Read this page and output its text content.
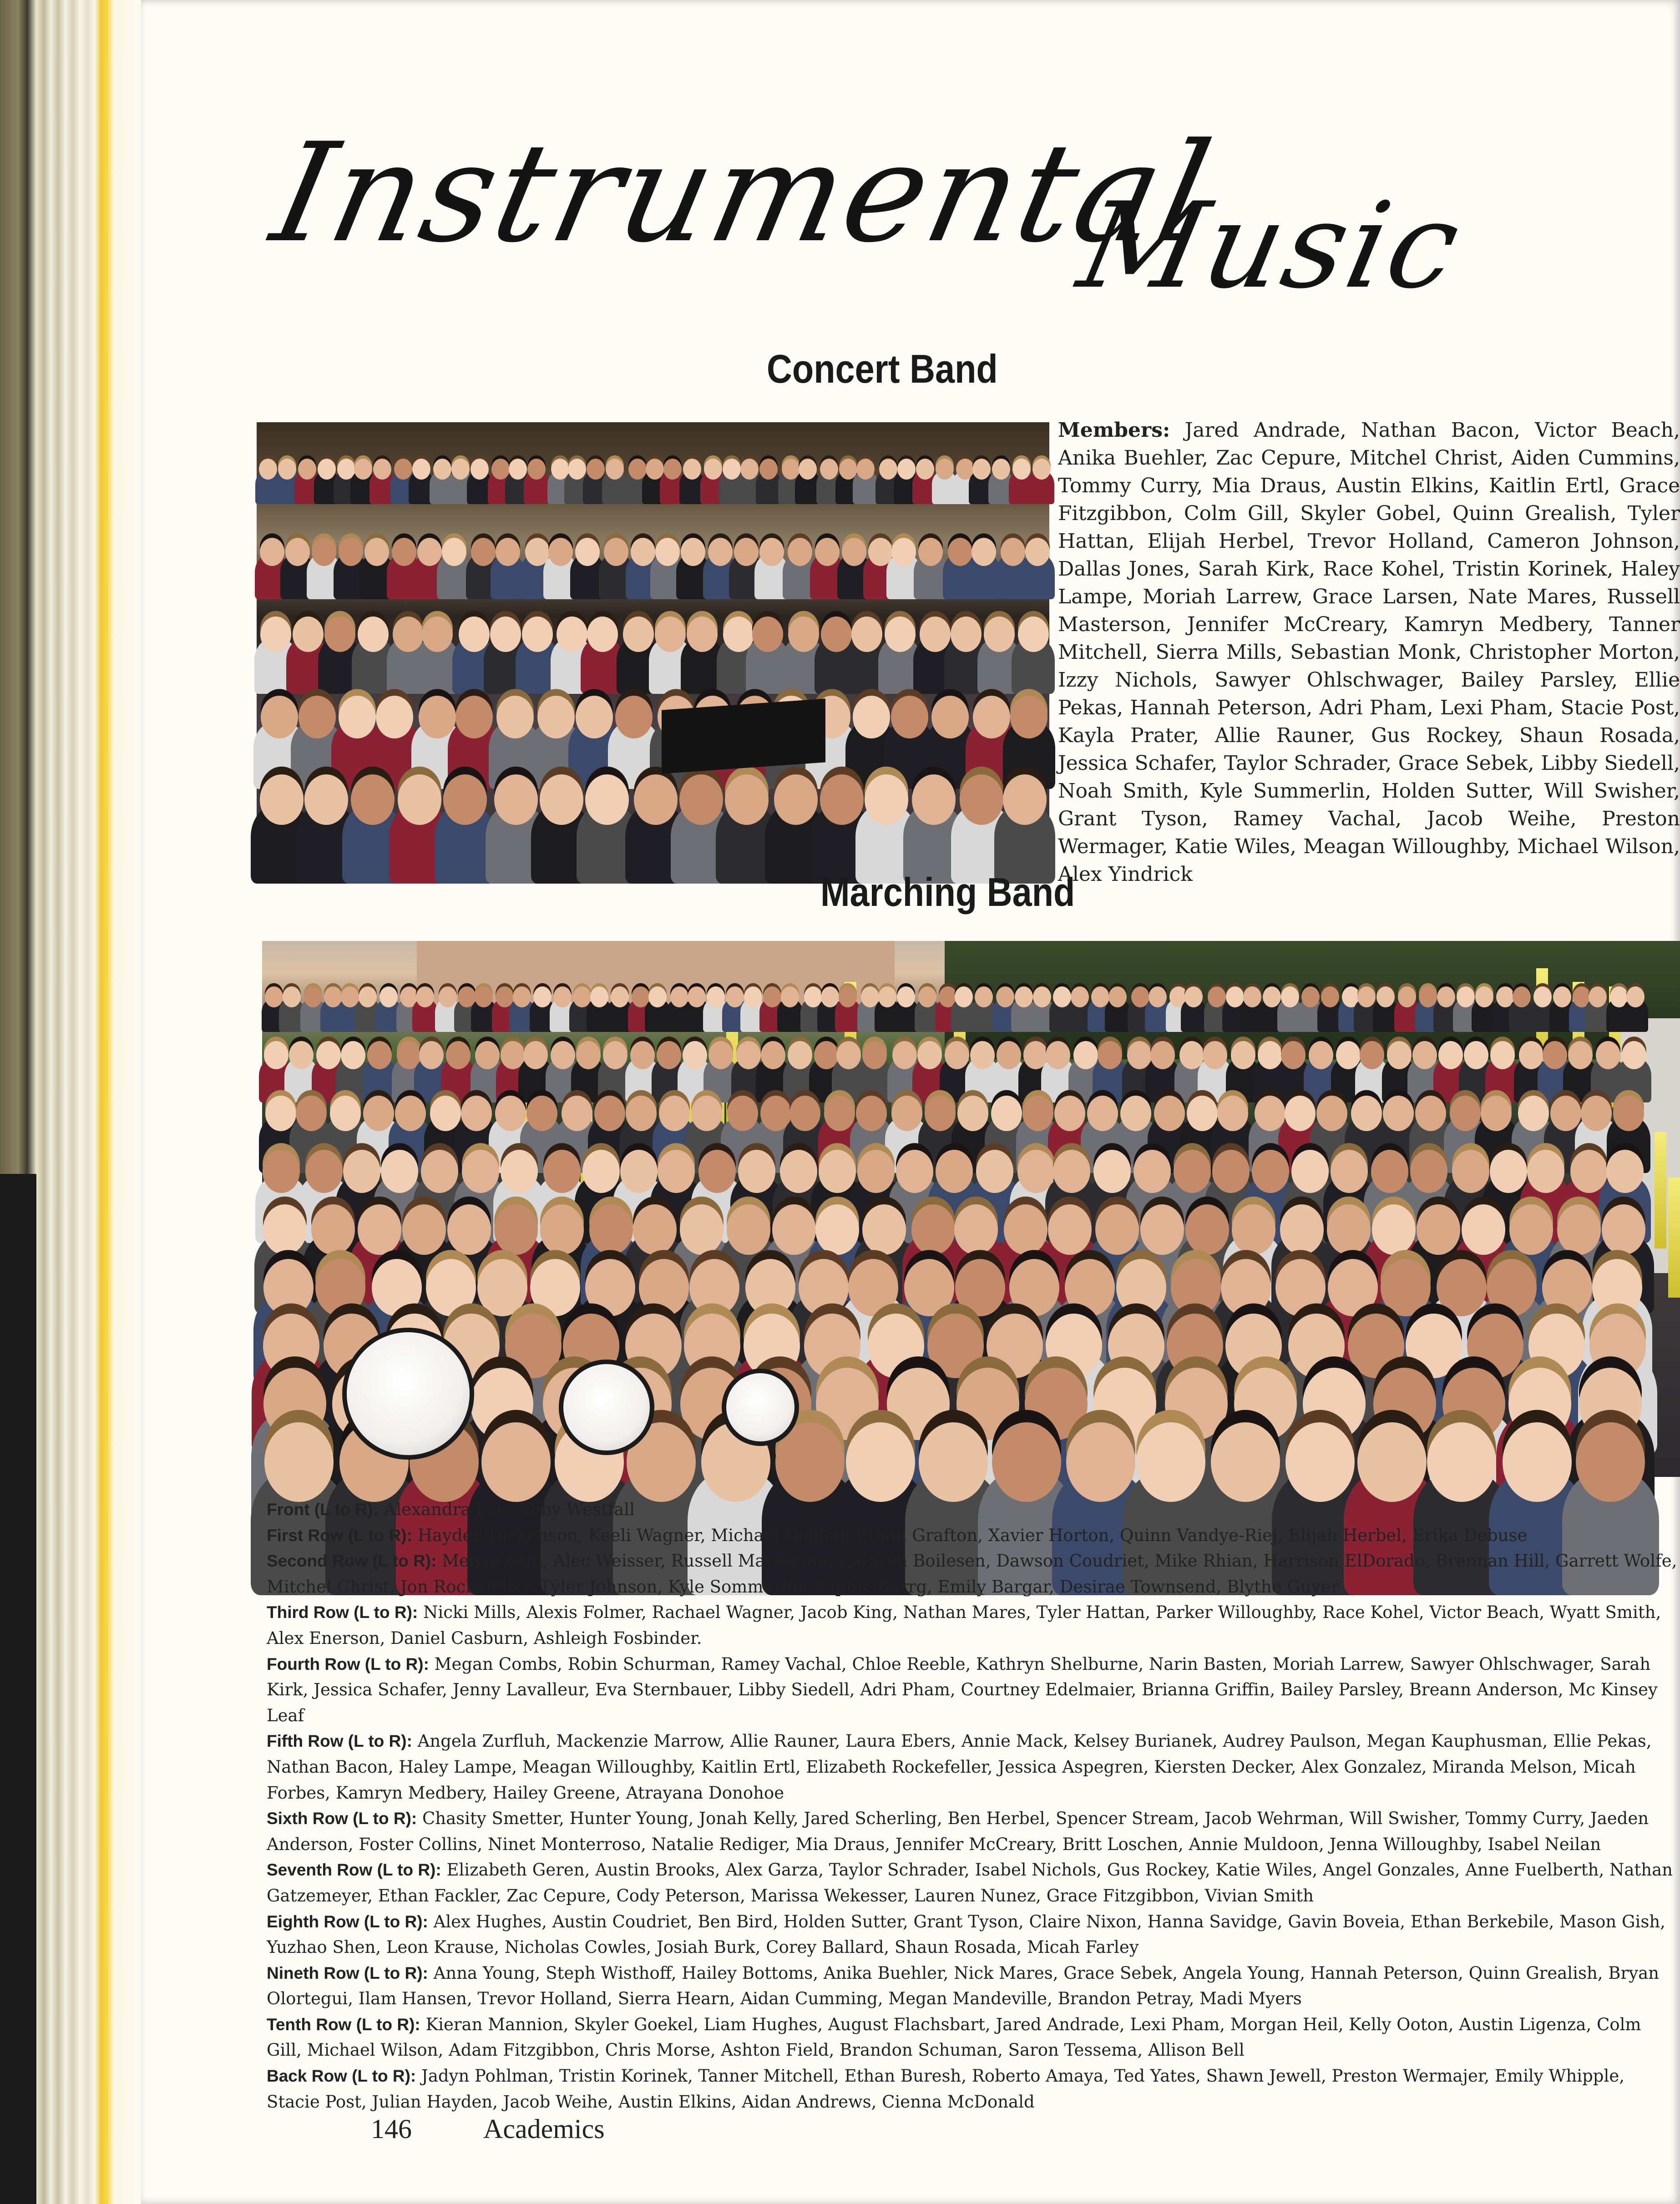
Instrumental
Music
Concert Band
Members: Jared Andrade, Nathan Bacon, Victor Beach, Anika Buehler, Zac Cepure, Mitchel Christ, Aiden Cummins, Tommy Curry, Mia Draus, Austin Elkins, Kaitlin Ertl, Grace Fitzgibbon, Colm Gill, Skyler Gobel, Quinn Grealish, Tyler Hattan, Elijah Herbel, Trevor Holland, Cameron Johnson, Dallas Jones, Sarah Kirk, Race Kohel, Tristin Korinek, Haley Lampe, Moriah Larrew, Grace Larsen, Nate Mares, Russell Masterson, Jennifer McCreary, Kamryn Medbery, Tanner Mitchell, Sierra Mills, Sebastian Monk, Christopher Morton, Izzy Nichols, Sawyer Ohlschwager, Bailey Parsley, Ellie Pekas, Hannah Peterson, Adri Pham, Lexi Pham, Stacie Post, Kayla Prater, Allie Rauner, Gus Rockey, Shaun Rosada, Jessica Schafer, Taylor Schrader, Grace Sebek, Libby Siedell, Noah Smith, Kyle Summerlin, Holden Sutter, Will Swisher, Grant Tyson, Ramey Vachal, Jacob Weihe, Preston Wermager, Katie Wiles, Meagan Willoughby, Michael Wilson, Alex Yindrick
Marching Band
Front (L to R): Alexandra Lee, Abby Westfall
First Row (L to R): Hayden Dickenson, Keeli Wagner, Michael Golden, Ethan Grafton, Xavier Horton, Quinn Vandye-Riej, Elijah Herbel, Erika Debuse
Second Row (L to R): Megan Nun, Alec Weisser, Russell Masterson, Kathryn Boilesen, Dawson Coudriet, Mike Rhian, Harrison ElDorado, Brennan Hill, Garrett Wolfe, Mitchel Christ, Jon Rockefeller, Tyler Johnson, Kyle Sommerlin, Sophie Barrg, Emily Bargar, Desirae Townsend, Blythe Guyer
Third Row (L to R): Nicki Mills, Alexis Folmer, Rachael Wagner, Jacob King, Nathan Mares, Tyler Hattan, Parker Willoughby, Race Kohel, Victor Beach, Wyatt Smith, Alex Enerson, Daniel Casburn, Ashleigh Fosbinder.
Fourth Row (L to R): Megan Combs, Robin Schurman, Ramey Vachal, Chloe Reeble, Kathryn Shelburne, Narin Basten, Moriah Larrew, Sawyer Ohlschwager, Sarah Kirk, Jessica Schafer, Jenny Lavalleur, Eva Sternbauer, Libby Siedell, Adri Pham, Courtney Edelmaier, Brianna Griffin, Bailey Parsley, Breann Anderson, Mc Kinsey Leaf
Fifth Row (L to R): Angela Zurfluh, Mackenzie Marrow, Allie Rauner, Laura Ebers, Annie Mack, Kelsey Burianek, Audrey Paulson, Megan Kauphusman, Ellie Pekas, Nathan Bacon, Haley Lampe, Meagan Willoughby, Kaitlin Ertl, Elizabeth Rockefeller, Jessica Aspegren, Kiersten Decker, Alex Gonzalez, Miranda Melson, Micah Forbes, Kamryn Medbery, Hailey Greene, Atrayana Donohoe
Sixth Row (L to R): Chasity Smetter, Hunter Young, Jonah Kelly, Jared Scherling, Ben Herbel, Spencer Stream, Jacob Wehrman, Will Swisher, Tommy Curry, Jaeden Anderson, Foster Collins, Ninet Monterroso, Natalie Rediger, Mia Draus, Jennifer McCreary, Britt Loschen, Annie Muldoon, Jenna Willoughby, Isabel Neilan
Seventh Row (L to R): Elizabeth Geren, Austin Brooks, Alex Garza, Taylor Schrader, Isabel Nichols, Gus Rockey, Katie Wiles, Angel Gonzales, Anne Fuelberth, Nathan Gatzemeyer, Ethan Fackler, Zac Cepure, Cody Peterson, Marissa Wekesser, Lauren Nunez, Grace Fitzgibbon, Vivian Smith
Eighth Row (L to R): Alex Hughes, Austin Coudriet, Ben Bird, Holden Sutter, Grant Tyson, Claire Nixon, Hanna Savidge, Gavin Boveia, Ethan Berkebile, Mason Gish, Yuzhao Shen, Leon Krause, Nicholas Cowles, Josiah Burk, Corey Ballard, Shaun Rosada, Micah Farley
Nineth Row (L to R): Anna Young, Steph Wisthoff, Hailey Bottoms, Anika Buehler, Nick Mares, Grace Sebek, Angela Young, Hannah Peterson, Quinn Grealish, Bryan Olortegui, Ilam Hansen, Trevor Holland, Sierra Hearn, Aidan Cumming, Megan Mandeville, Brandon Petray, Madi Myers
Tenth Row (L to R): Kieran Mannion, Skyler Goekel, Liam Hughes, August Flachsbart, Jared Andrade, Lexi Pham, Morgan Heil, Kelly Ooton, Austin Ligenza, Colm Gill, Michael Wilson, Adam Fitzgibbon, Chris Morse, Ashton Field, Brandon Schuman, Saron Tessema, Allison Bell
Back Row (L to R): Jadyn Pohlman, Tristin Korinek, Tanner Mitchell, Ethan Buresh, Roberto Amaya, Ted Yates, Shawn Jewell, Preston Wermajer, Emily Whipple, Stacie Post, Julian Hayden, Jacob Weihe, Austin Elkins, Aidan Andrews, Cienna McDonald
146	Academics
